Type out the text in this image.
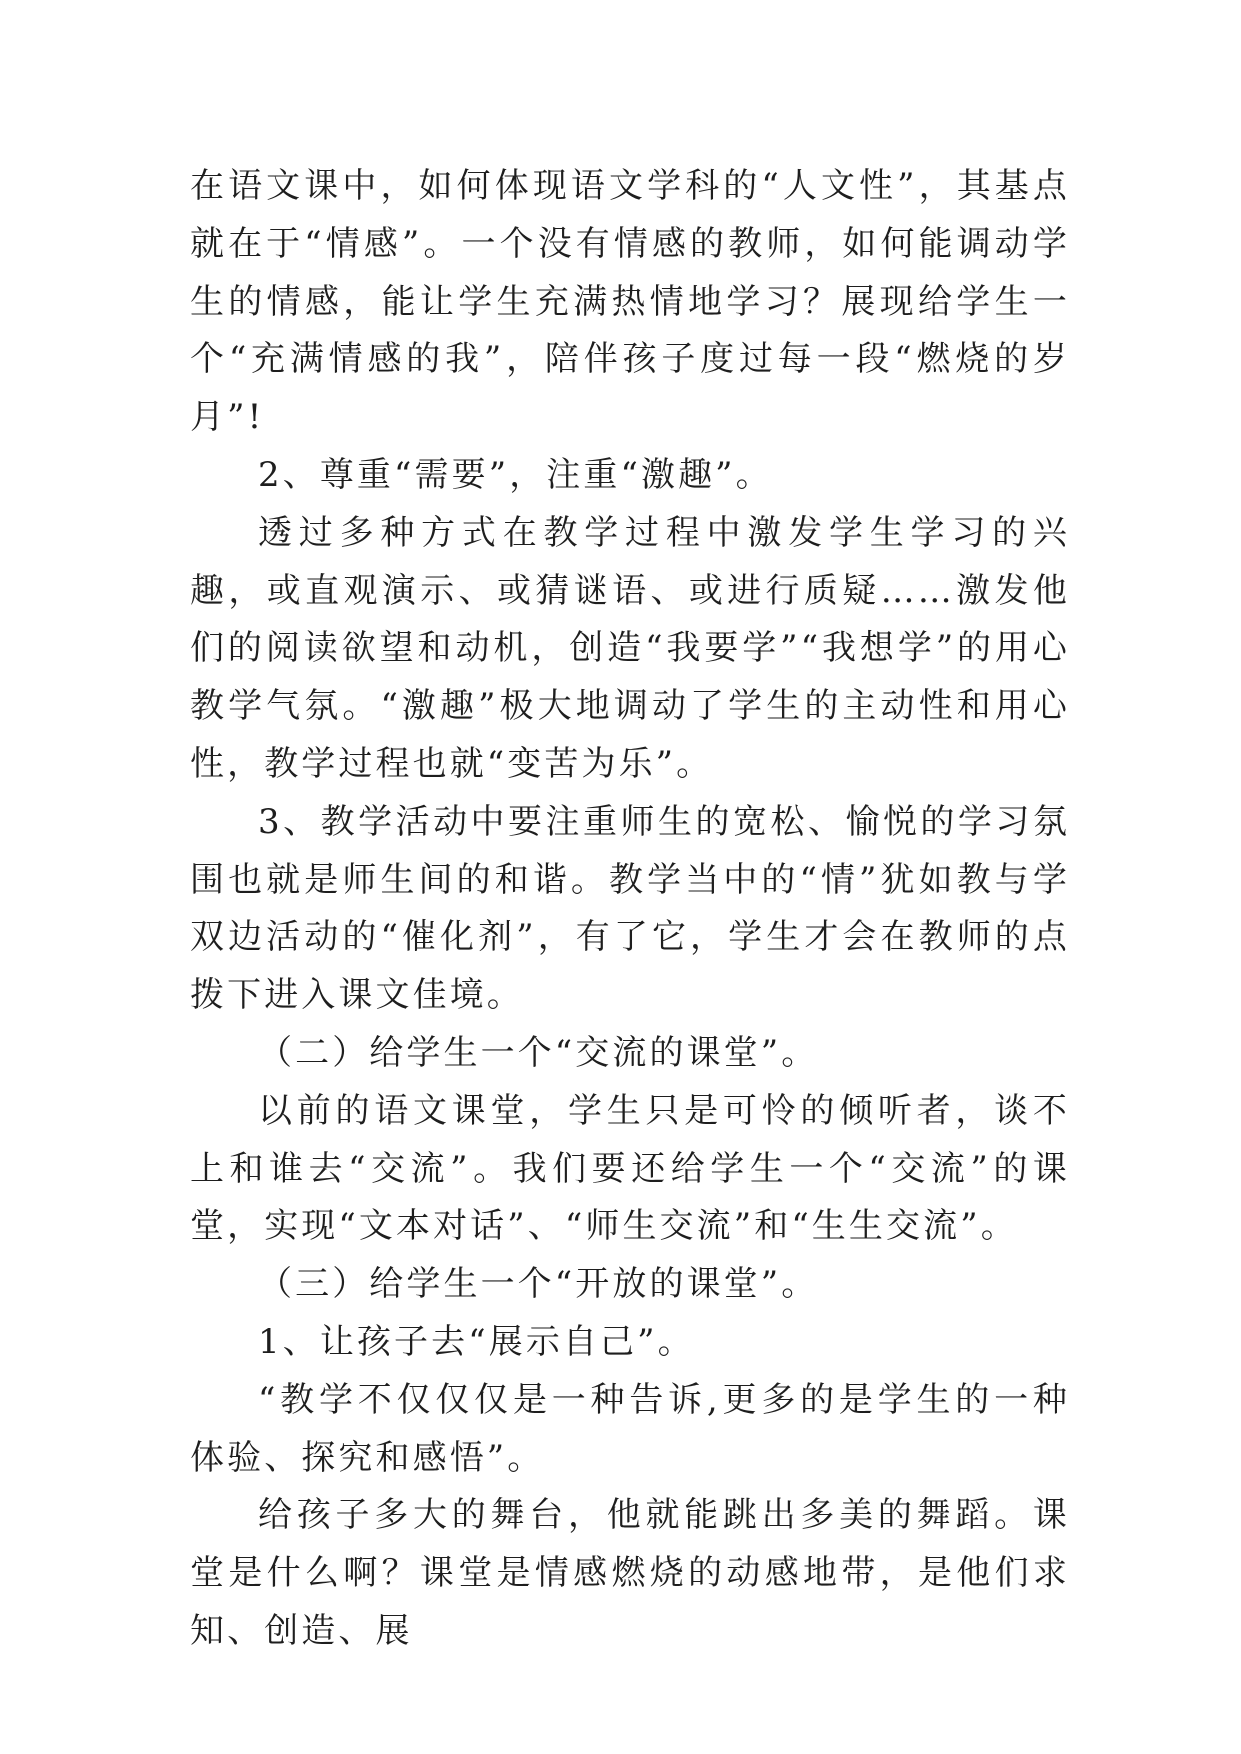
在语文课中，如何体现语文学科的“人文性”，其基点就在于“情感”。一个没有情感的教师，如何能调动学生的情感，能让学生充满热情地学习？展现给学生一个“充满情感的我”，陪伴孩子度过每一段“燃烧的岁月”!

2、尊重“需要”，注重“激趣”。

透过多种方式在教学过程中激发学生学习的兴趣，或直观演示、或猜谜语、或进行质疑……激发他们的阅读欲望和动机，创造“我要学”“我想学”的用心教学气氛。“激趣”极大地调动了学生的主动性和用心性，教学过程也就“变苦为乐”。

3、教学活动中要注重师生的宽松、愉悦的学习氛围也就是师生间的和谐。教学当中的“情”犹如教与学双边活动的“催化剂”，有了它，学生才会在教师的点拨下进入课文佳境。

（二）给学生一个“交流的课堂”。

以前的语文课堂，学生只是可怜的倾听者，谈不上和谁去“交流”。我们要还给学生一个“交流”的课堂，实现“文本对话”、“师生交流”和“生生交流”。

（三）给学生一个“开放的课堂”。

1、让孩子去“展示自己”。

“教学不仅仅仅是一种告诉,更多的是学生的一种体验、探究和感悟”。

给孩子多大的舞台，他就能跳出多美的舞蹈。课堂是什么啊？课堂是情感燃烧的动感地带，是他们求知、创造、展
